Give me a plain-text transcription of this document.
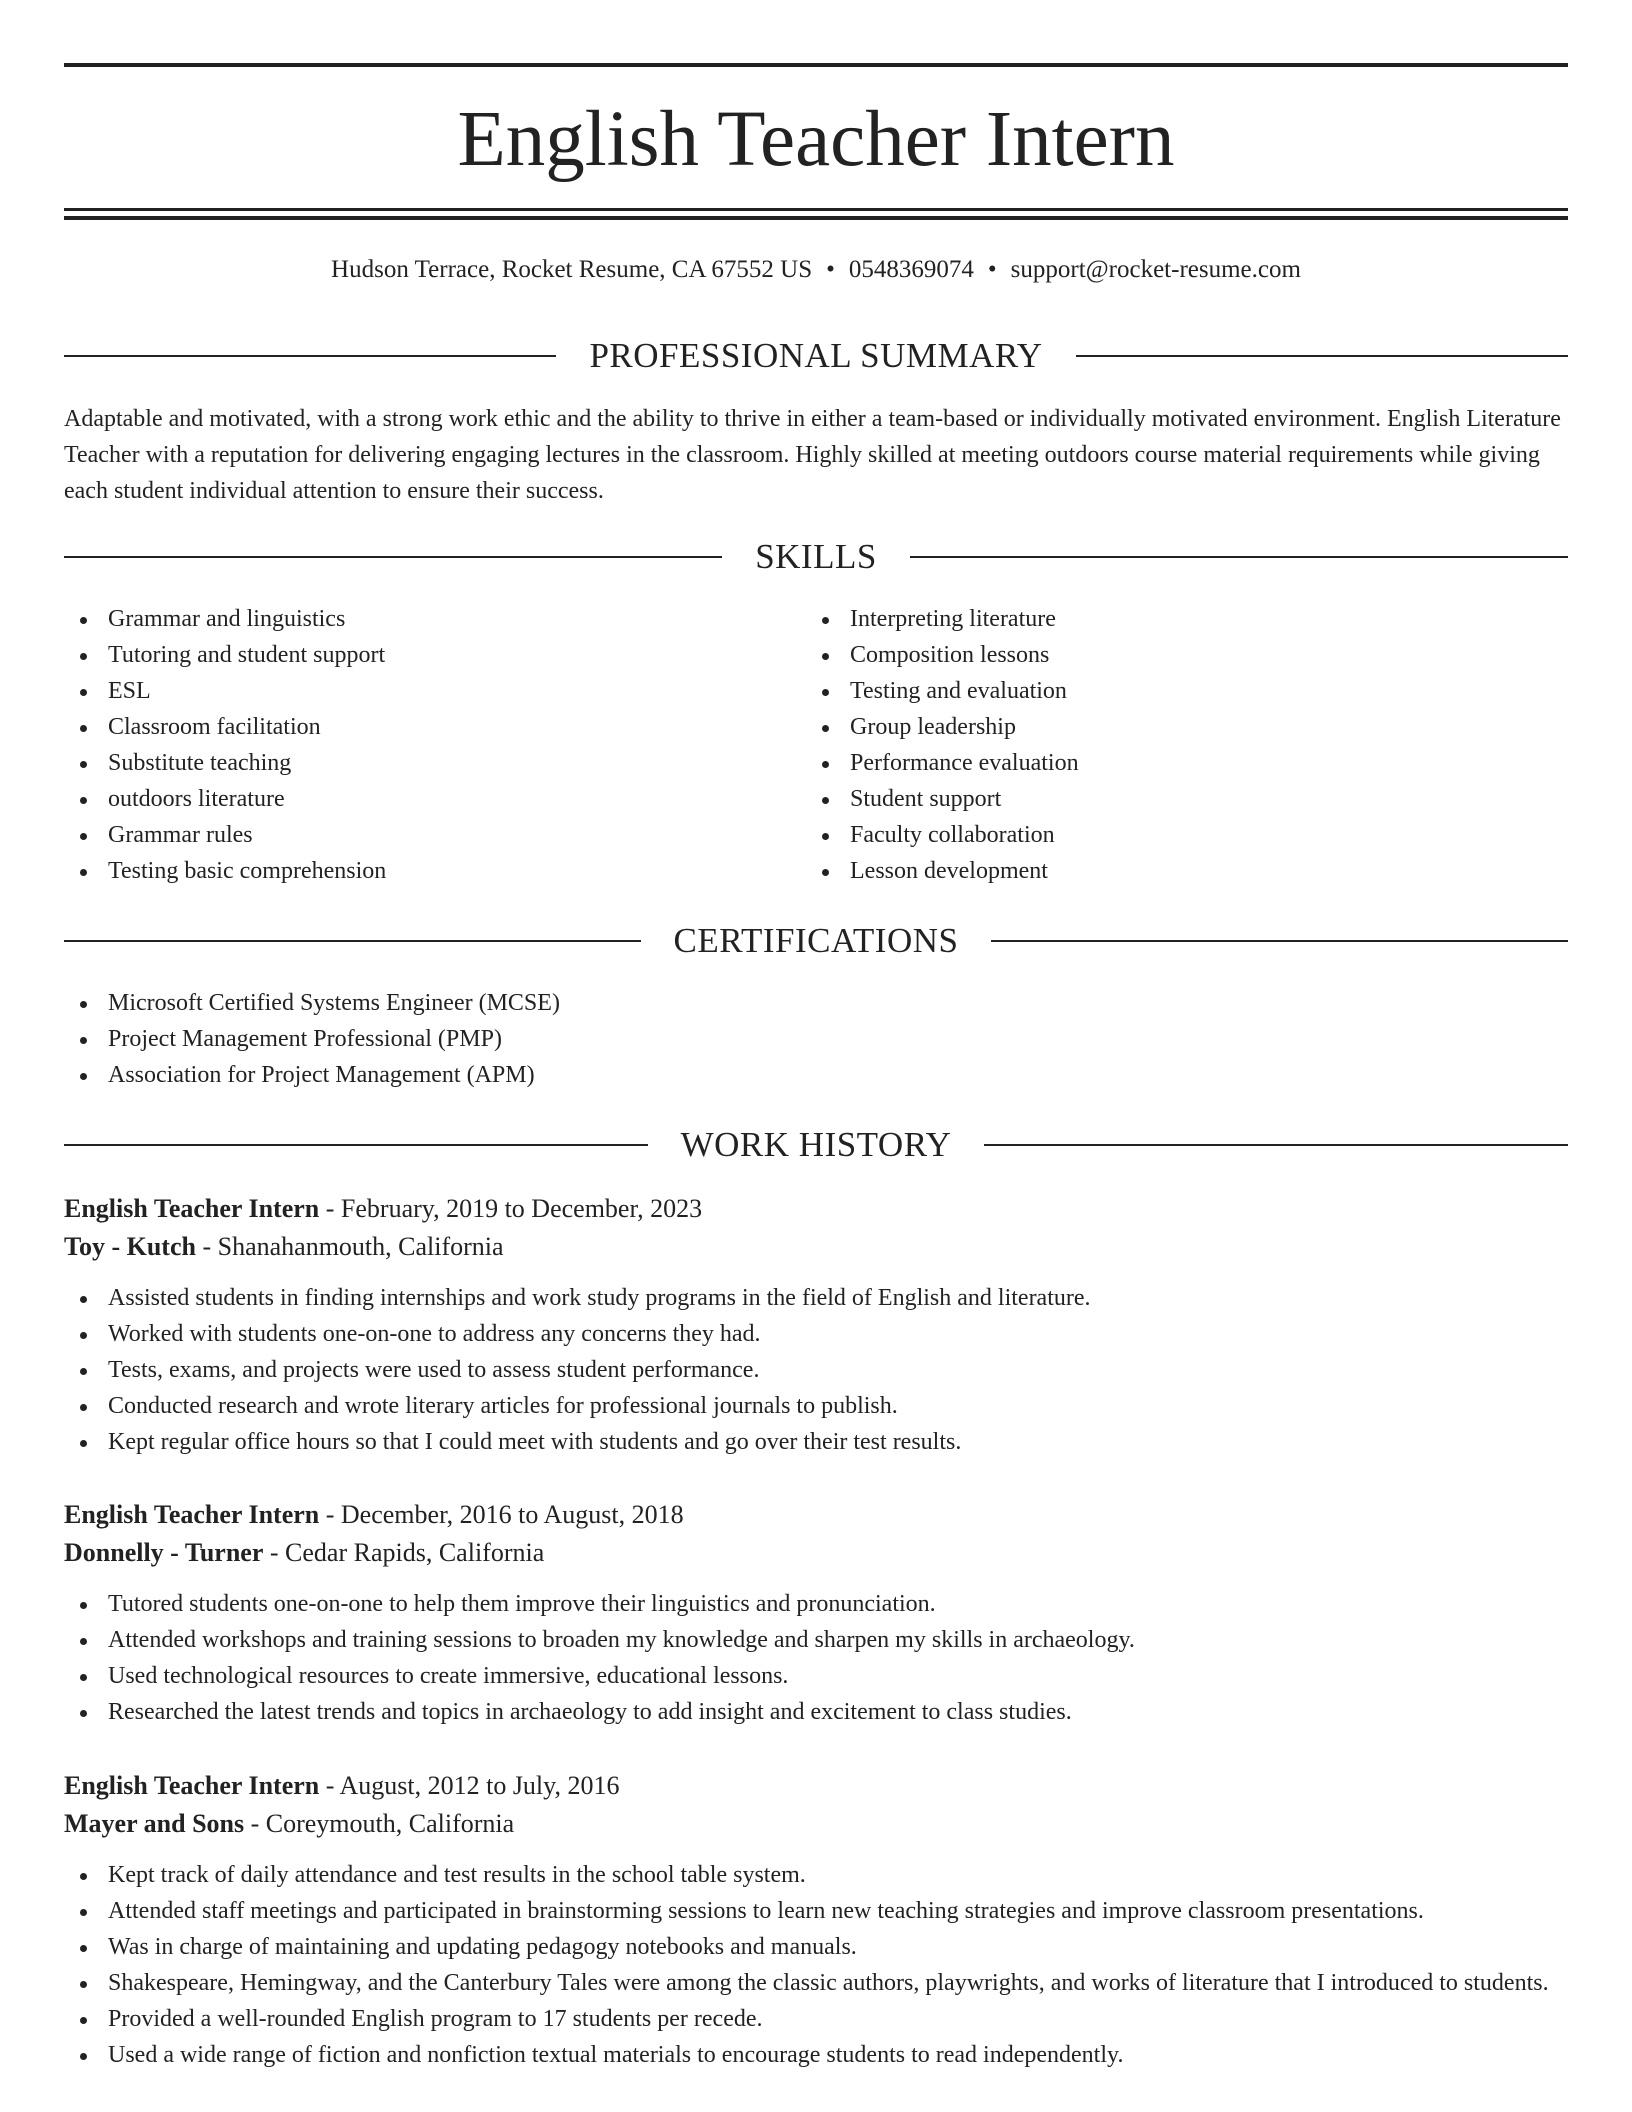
English Teacher Intern
Hudson Terrace, Rocket Resume, CA 67552 US • 0548369074 • support@rocket-resume.com
PROFESSIONAL SUMMARY

Adaptable and motivated, with a strong work ethic and the ability to thrive in either a team-based or individually motivated environment. English Literature Teacher with a reputation for delivering engaging lectures in the classroom. Highly skilled at meeting outdoors course material requirements while giving each student individual attention to ensure their success.

SKILLS
Grammar and linguistics
Tutoring and student support
ESL
Classroom facilitation
Substitute teaching
outdoors literature
Grammar rules
Testing basic comprehension
Interpreting literature
Composition lessons
Testing and evaluation
Group leadership
Performance evaluation
Student support
Faculty collaboration
Lesson development
CERTIFICATIONS
Microsoft Certified Systems Engineer (MCSE)
Project Management Professional (PMP)
Association for Project Management (APM)
WORK HISTORY
English Teacher Intern - February, 2019 to December, 2023
Toy - Kutch - Shanahanmouth, California
Assisted students in finding internships and work study programs in the field of English and literature.
Worked with students one-on-one to address any concerns they had.
Tests, exams, and projects were used to assess student performance.
Conducted research and wrote literary articles for professional journals to publish.
Kept regular office hours so that I could meet with students and go over their test results.
English Teacher Intern - December, 2016 to August, 2018
Donnelly - Turner - Cedar Rapids, California
Tutored students one-on-one to help them improve their linguistics and pronunciation.
Attended workshops and training sessions to broaden my knowledge and sharpen my skills in archaeology.
Used technological resources to create immersive, educational lessons.
Researched the latest trends and topics in archaeology to add insight and excitement to class studies.
English Teacher Intern - August, 2012 to July, 2016
Mayer and Sons - Coreymouth, California
Kept track of daily attendance and test results in the school table system.
Attended staff meetings and participated in brainstorming sessions to learn new teaching strategies and improve classroom presentations.
Was in charge of maintaining and updating pedagogy notebooks and manuals.
Shakespeare, Hemingway, and the Canterbury Tales were among the classic authors, playwrights, and works of literature that I introduced to students.
Provided a well-rounded English program to 17 students per recede.
Used a wide range of fiction and nonfiction textual materials to encourage students to read independently.
